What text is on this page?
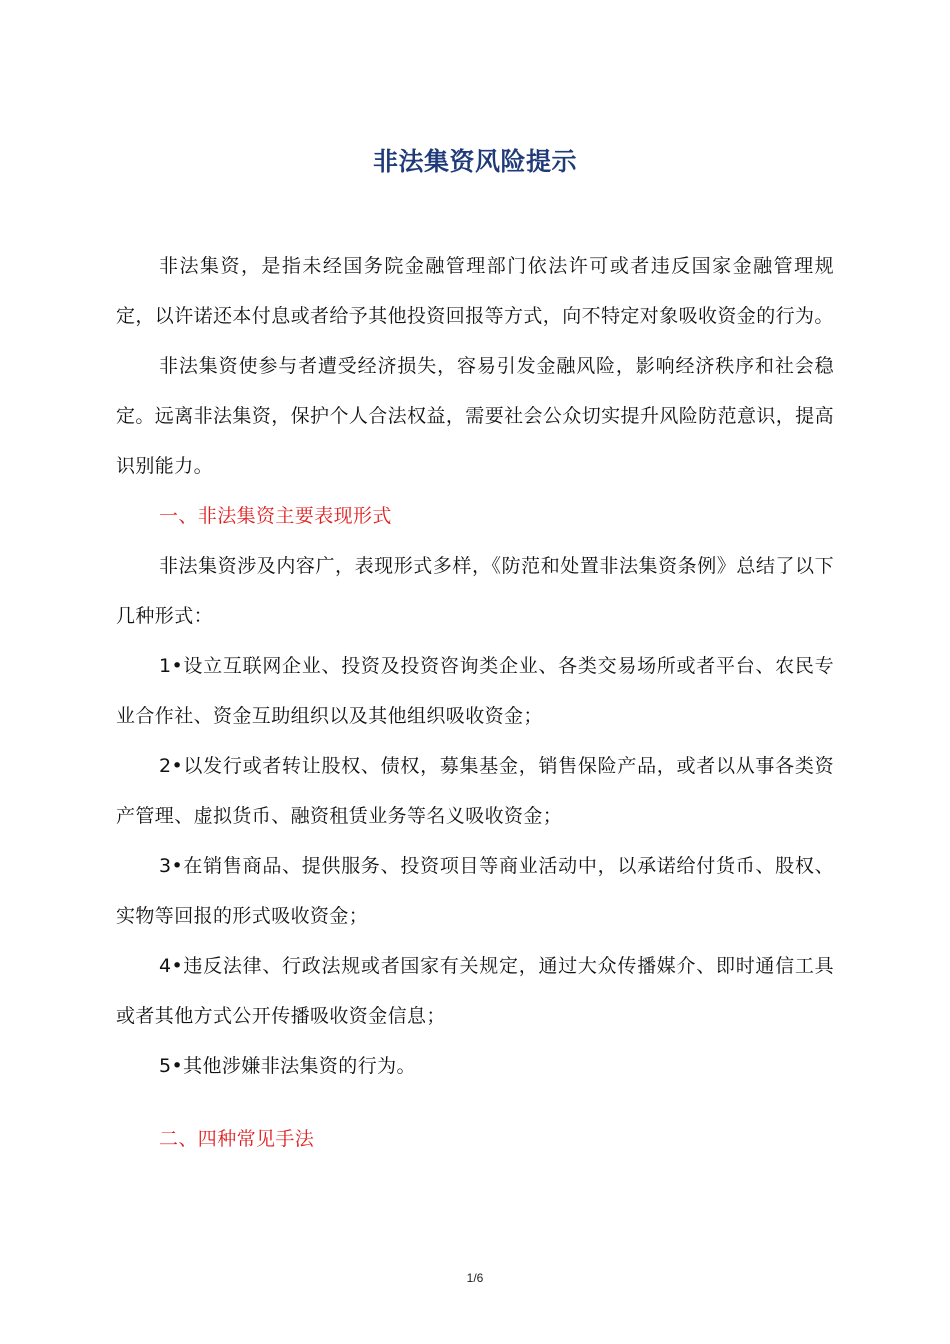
非法集资风险提示

非法集资，是指未经国务院金融管理部门依法许可或者违反国家金融管理规定，以许诺还本付息或者给予其他投资回报等方式，向不特定对象吸收资金的行为。

非法集资使参与者遭受经济损失，容易引发金融风险，影响经济秩序和社会稳定。远离非法集资，保护个人合法权益，需要社会公众切实提升风险防范意识，提高识别能力。

一、非法集资主要表现形式

非法集资涉及内容广，表现形式多样，《防范和处置非法集资条例》总结了以下几种形式：

1•设立互联网企业、投资及投资咨询类企业、各类交易场所或者平台、农民专业合作社、资金互助组织以及其他组织吸收资金；

2•以发行或者转让股权、债权，募集基金，销售保险产品，或者以从事各类资产管理、虚拟货币、融资租赁业务等名义吸收资金；

3•在销售商品、提供服务、投资项目等商业活动中，以承诺给付货币、股权、实物等回报的形式吸收资金；

4•违反法律、行政法规或者国家有关规定，通过大众传播媒介、即时通信工具或者其他方式公开传播吸收资金信息；

5•其他涉嫌非法集资的行为。

二、四种常见手法
1/6
